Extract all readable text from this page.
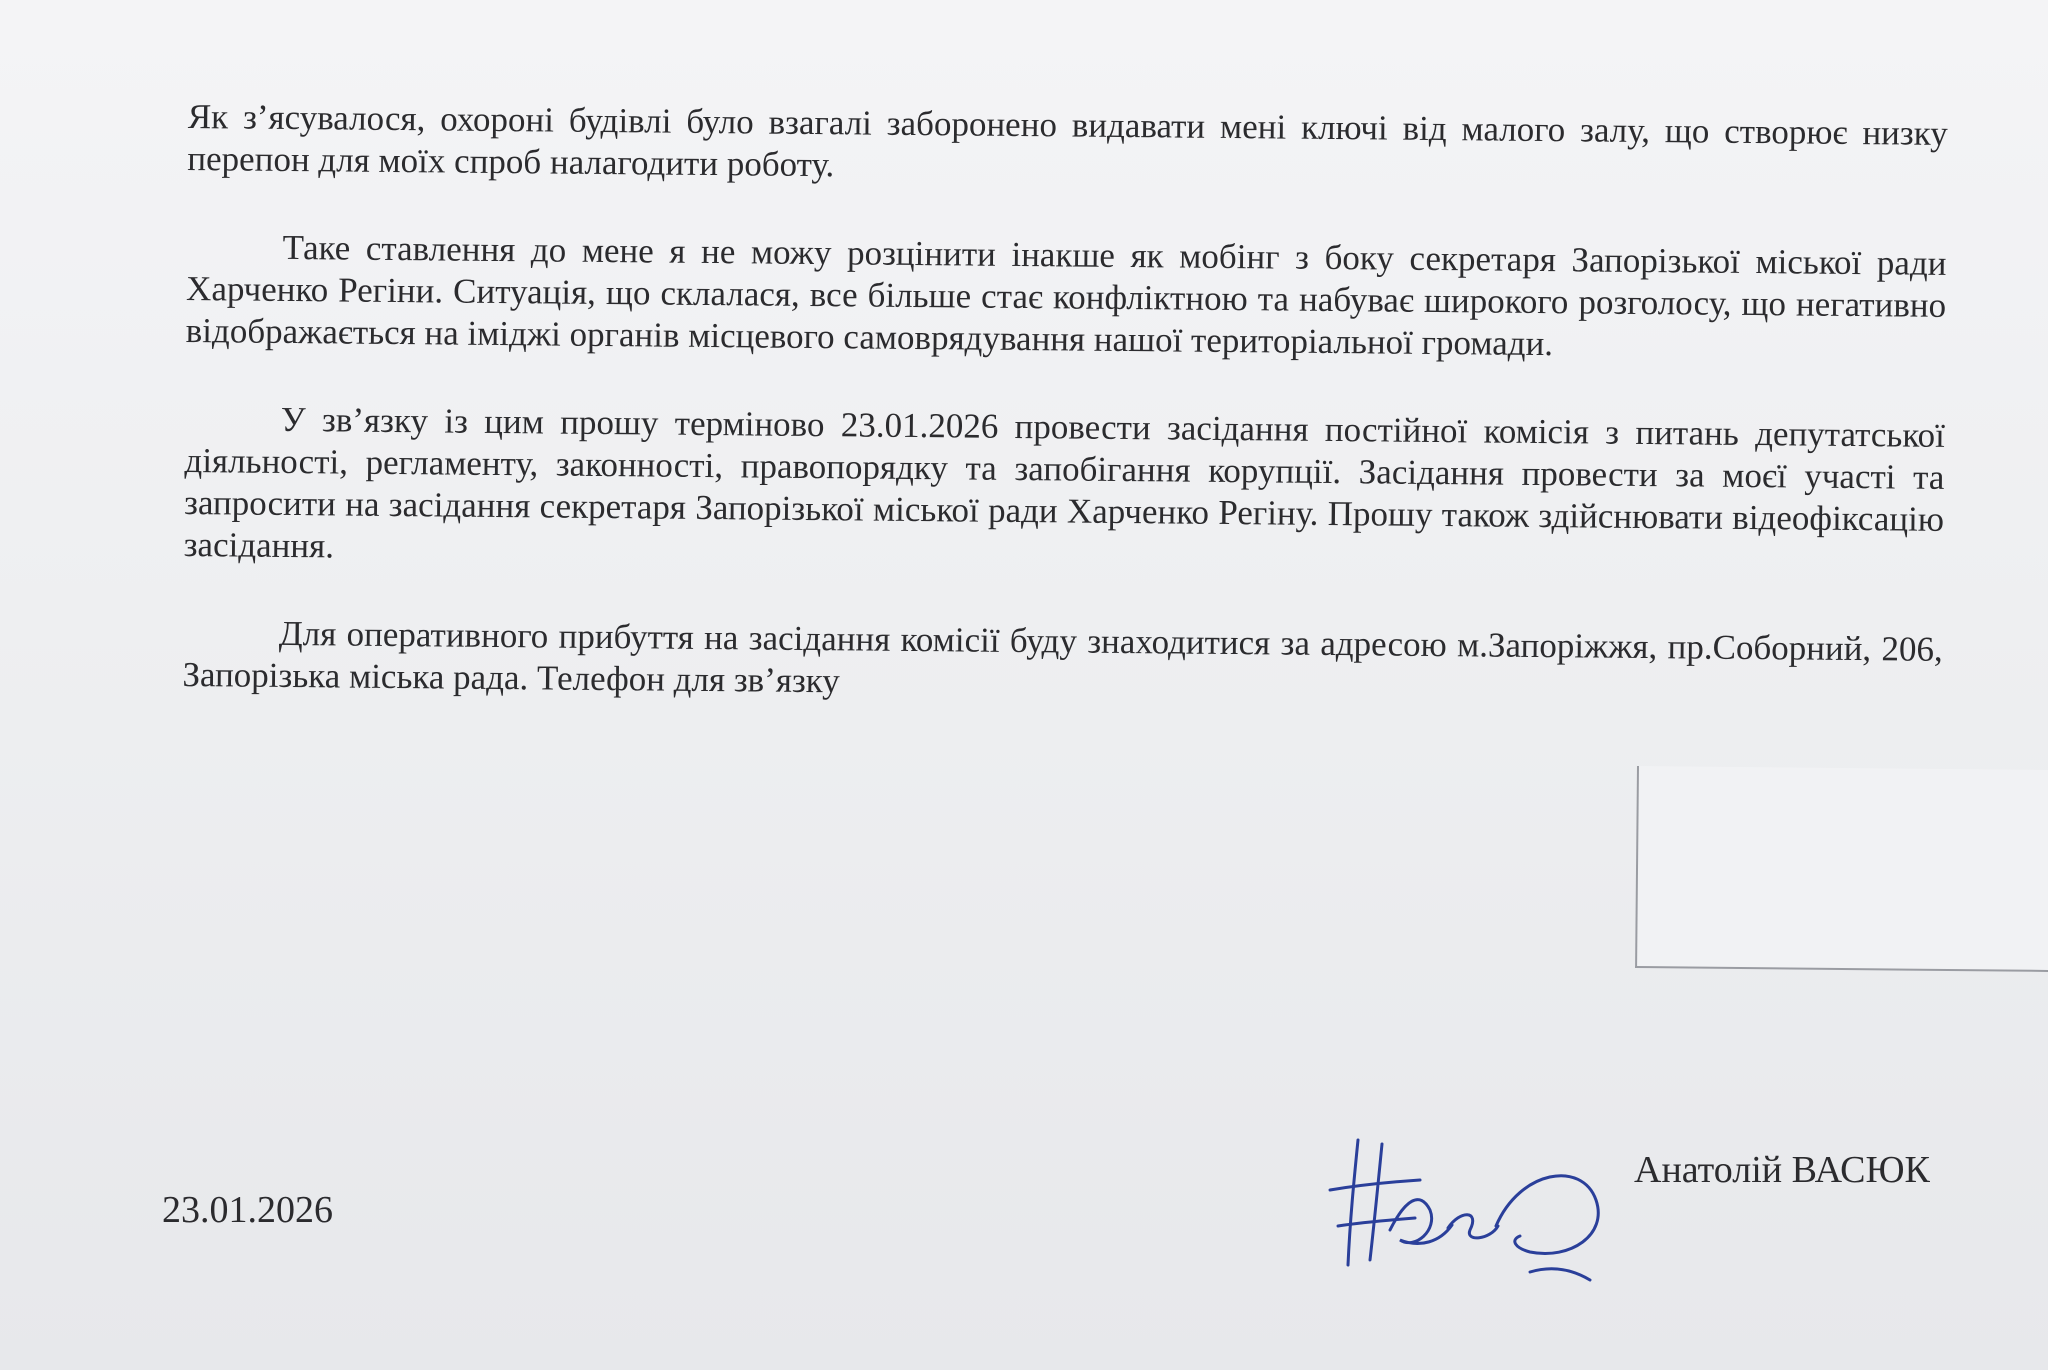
Як з’ясувалося, охороні будівлі було взагалі заборонено видавати мені ключі від малого залу, що створює низку перепон для моїх спроб налагодити роботу.

Таке ставлення до мене я не можу розцінити інакше як мобінг з боку секретаря Запорізької міської ради Харченко Регіни. Ситуація, що склалася, все більше стає конфліктною та набуває широкого розголосу, що негативно відображається на іміджі органів місцевого самоврядування нашої територіальної громади.

У зв’язку із цим прошу терміново 23.01.2026 провести засідання постійної комісія з питань депутатської діяльності, регламенту, законності, правопорядку та запобігання корупції. Засідання провести за моєї участі та запросити на засідання секретаря Запорізької міської ради Харченко Регіну. Прошу також здійснювати відеофіксацію засідання.

Для оперативного прибуття на засідання комісії буду знаходитися за адресою м.Запоріжжя, пр.Соборний, 206, Запорізька міська рада. Телефон для зв’язку

23.01.2026
Анатолій ВАСЮК
